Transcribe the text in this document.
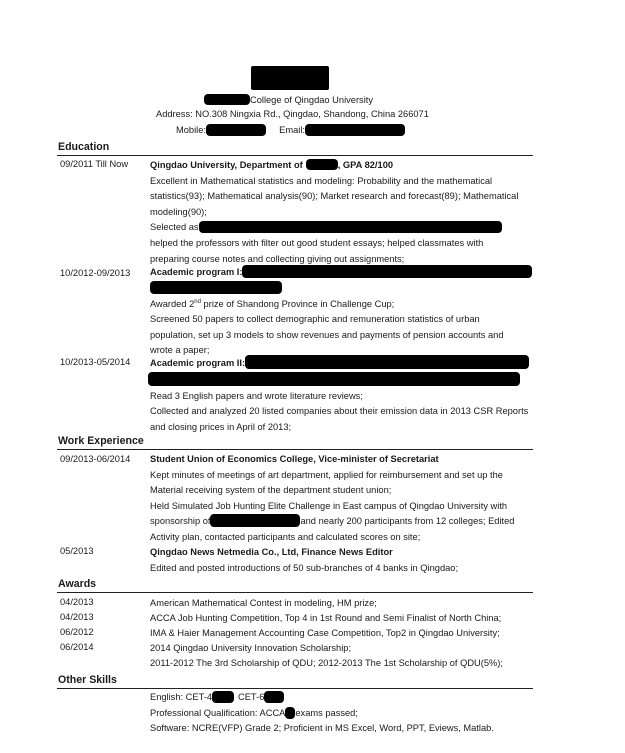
College of Qingdao University
Address: NO.308 Ningxia Rd., Qingdao, Shandong, China 266071
Mobile:	Email:
Education
09/2011 Till Now Qingdao University, Department of	, GPA 82/100
Excellent in Mathematical statistics and modeling: Probability and the mathematical
statistics(93); Mathematical analysis(90); Market research and forecast(89); Mathematical
modeling(90);
Selected as
helped the professors with filter out good student essays; helped classmates with
preparing course notes and collecting giving out assignments;
10/2012-09/2013 Academic program I:
Awarded 2nd prize of Shandong Province in Challenge Cup;
Screened 50 papers to collect demographic and remuneration statistics of urban
population, set up 3 models to show revenues and payments of pension accounts and
wrote a paper;
10/2013-05/2014 Academic program II:
Read 3 English papers and wrote literature reviews;
Collected and analyzed 20 listed companies about their emission data in 2013 CSR Reports
and closing prices in April of 2013;
Work Experience
09/2013-06/2014 Student Union of Economics College, Vice-minister of Secretariat
Kept minutes of meetings of art department, applied for reimbursement and set up the
Material receiving system of the department student union;
Held Simulated Job Hunting Elite Challenge in East campus of Qingdao University with
sponsorship of	and nearly 200 participants from 12 colleges; Edited
Activity plan, contacted participants and calculated scores on site;
05/2013	Qingdao News Netmedia Co., Ltd, Finance News Editor
Edited and posted introductions of 50 sub-branches of 4 banks in Qingdao;
Awards
04/2013	American Mathematical Contest in modeling, HM prize;
04/2013	ACCA Job Hunting Competition, Top 4 in 1st Round and Semi Finalist of North China;
06/2012	IMA & Haier Management Accounting Case Competition, Top2 in Qingdao University;
06/2014	2014 Qingdao University Innovation Scholarship;
2011-2012 The 3rd Scholarship of QDU; 2012-2013 The 1st Scholarship of QDU(5%);
Other Skills
English: CET-4	CET-6
Professional Qualification: ACCA exams passed;
Software: NCRE(VFP) Grade 2; Proficient in MS Excel, Word, PPT, Eviews, Matlab.
